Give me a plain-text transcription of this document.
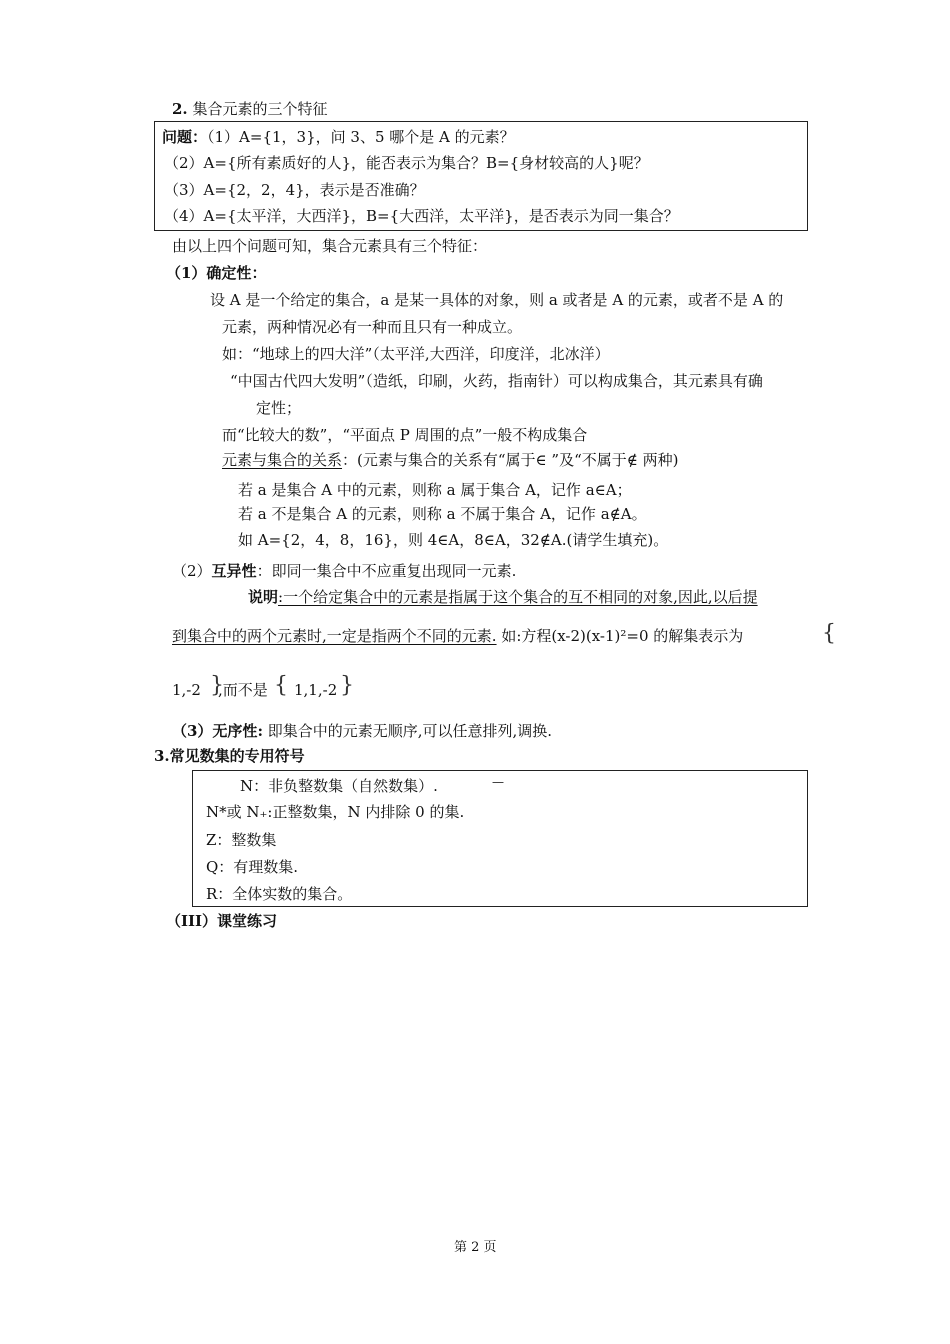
2. 集合元素的三个特征
问题：（1）A={1，3}，问 3、5 哪个是 A 的元素？
（2）A={所有素质好的人}，能否表示为集合？B={身材较高的人}呢？
（3）A={2，2，4}，表示是否准确？
（4）A={太平洋，大西洋}，B={大西洋，太平洋}，是否表示为同一集合？
由以上四个问题可知，集合元素具有三个特征：
（1）确定性：
设 A 是一个给定的集合，a 是某一具体的对象，则 a 或者是 A 的元素，或者不是 A 的
元素，两种情况必有一种而且只有一种成立。
如：“地球上的四大洋”（太平洋,大西洋，印度洋，北冰洋）
“中国古代四大发明”（造纸，印刷，火药，指南针）可以构成集合，其元素具有确
定性；
而“比较大的数”，“平面点 P 周围的点”一般不构成集合
元素与集合的关系：(元素与集合的关系有“属于∈ ”及“不属于∉ 两种)
若 a 是集合 A 中的元素，则称 a 属于集合 A，记作 a∈A；
若 a 不是集合 A 的元素，则称 a 不属于集合 A，记作 a∉A。
如 A={2，4，8，16}，则 4∈A，8∈A，32∉A.(请学生填充)。
（2）互异性：即同一集合中不应重复出现同一元素.
说明:一个给定集合中的元素是指属于这个集合的互不相同的对象,因此,以后提
到集合中的两个元素时,一定是指两个不同的元素. 如:方程(x-2)(x-1)²=0 的解集表示为	{
1,-2 }
,而不是 { 1,1,-2 }
（3）无序性: 即集合中的元素无顺序,可以任意排列,调换.
3.常见数集的专用符号
N：非负整数集（自然数集）.	—
N*或 N₊:正整数集，N 内排除 0 的集.
Z：整数集
Q：有理数集.
R：全体实数的集合。
（III）课堂练习
第 2 页
